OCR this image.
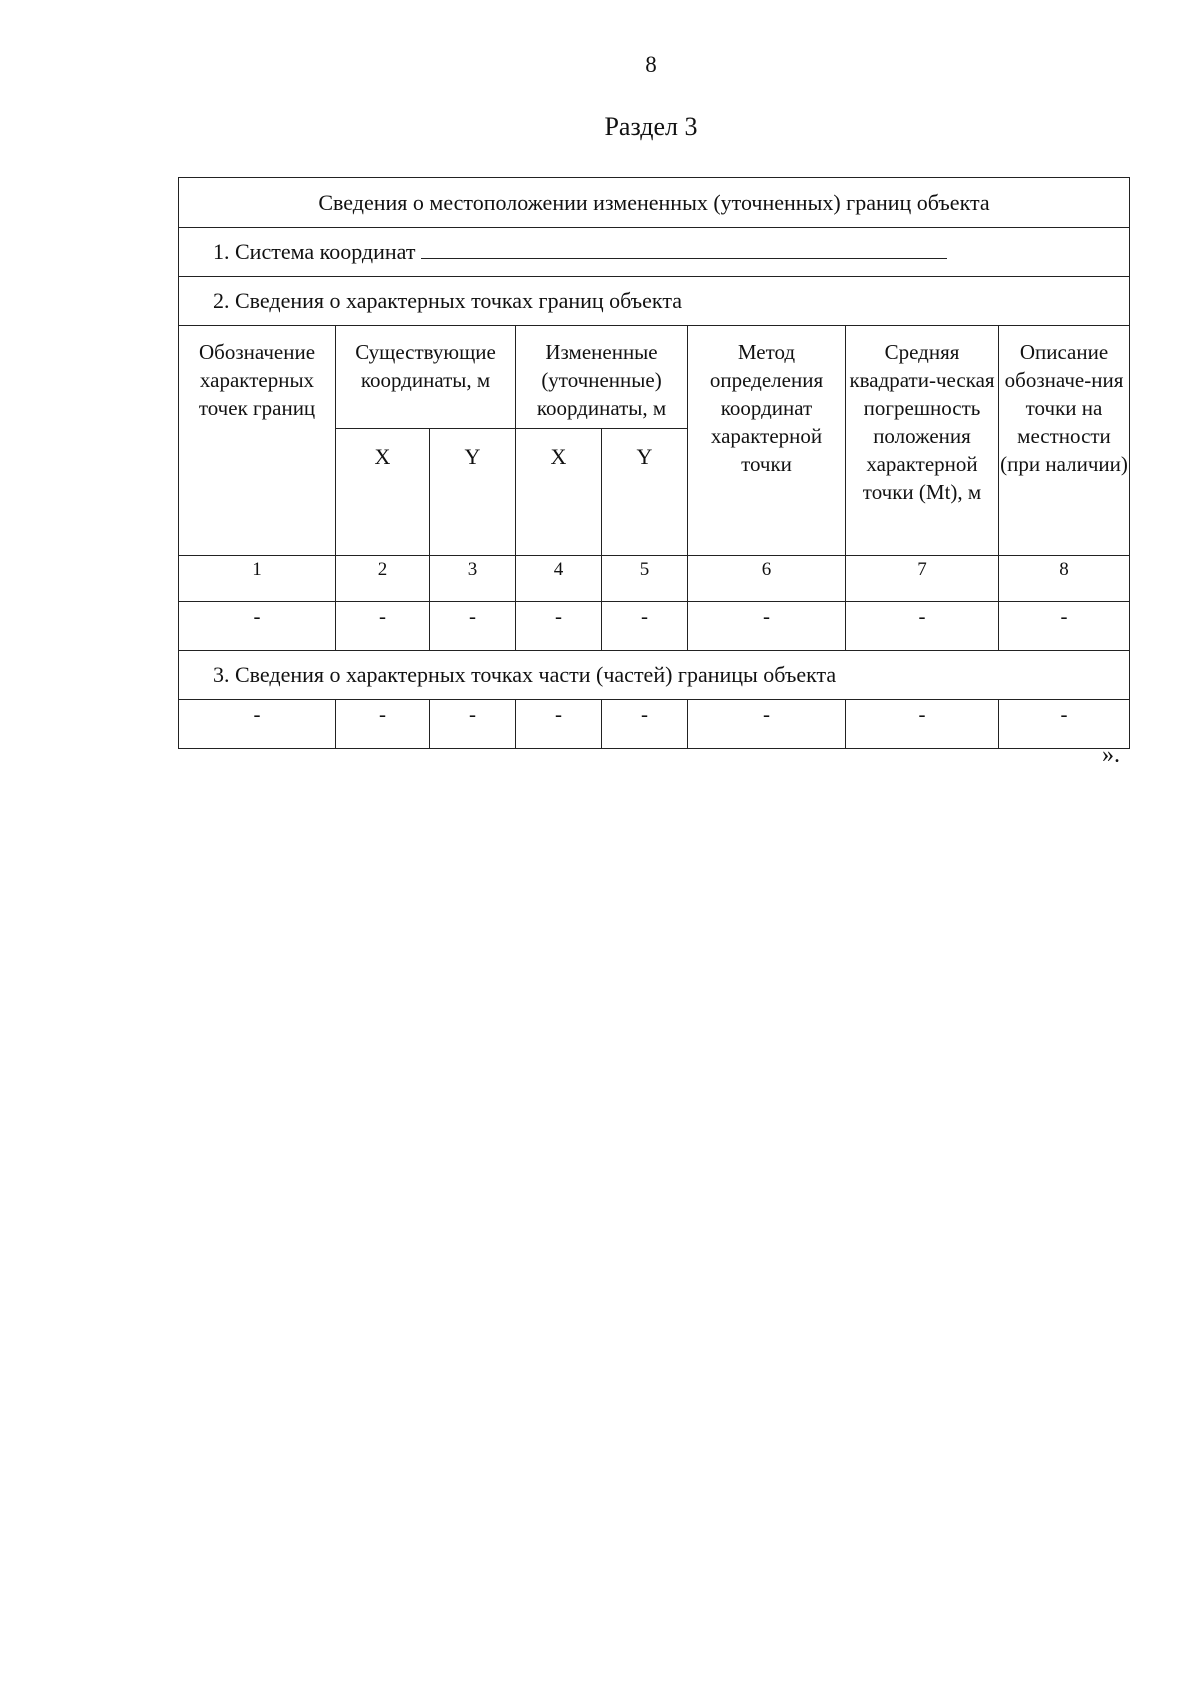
8
Раздел 3
Сведения о местоположении измененных (уточненных) границ объекта							
1. Система координат							
2. Сведения о характерных точках границ объекта							
Обозначение характерных точек границ	Существующие координаты, м		Измененные (уточненные) координаты, м		Метод определения координат характерной точки	Средняя квадрати-ческая погрешность положения характерной точки (Mt), м	Описание обозначе-ния точки на местности (при наличии)
	X	Y	X	Y			
1	2	3	4	5	6	7	8
-	-	-	-	-	-	-	-
3. Сведения о характерных точках части (частей) границы объекта							
-	-	-	-	-	-	-	-
».
